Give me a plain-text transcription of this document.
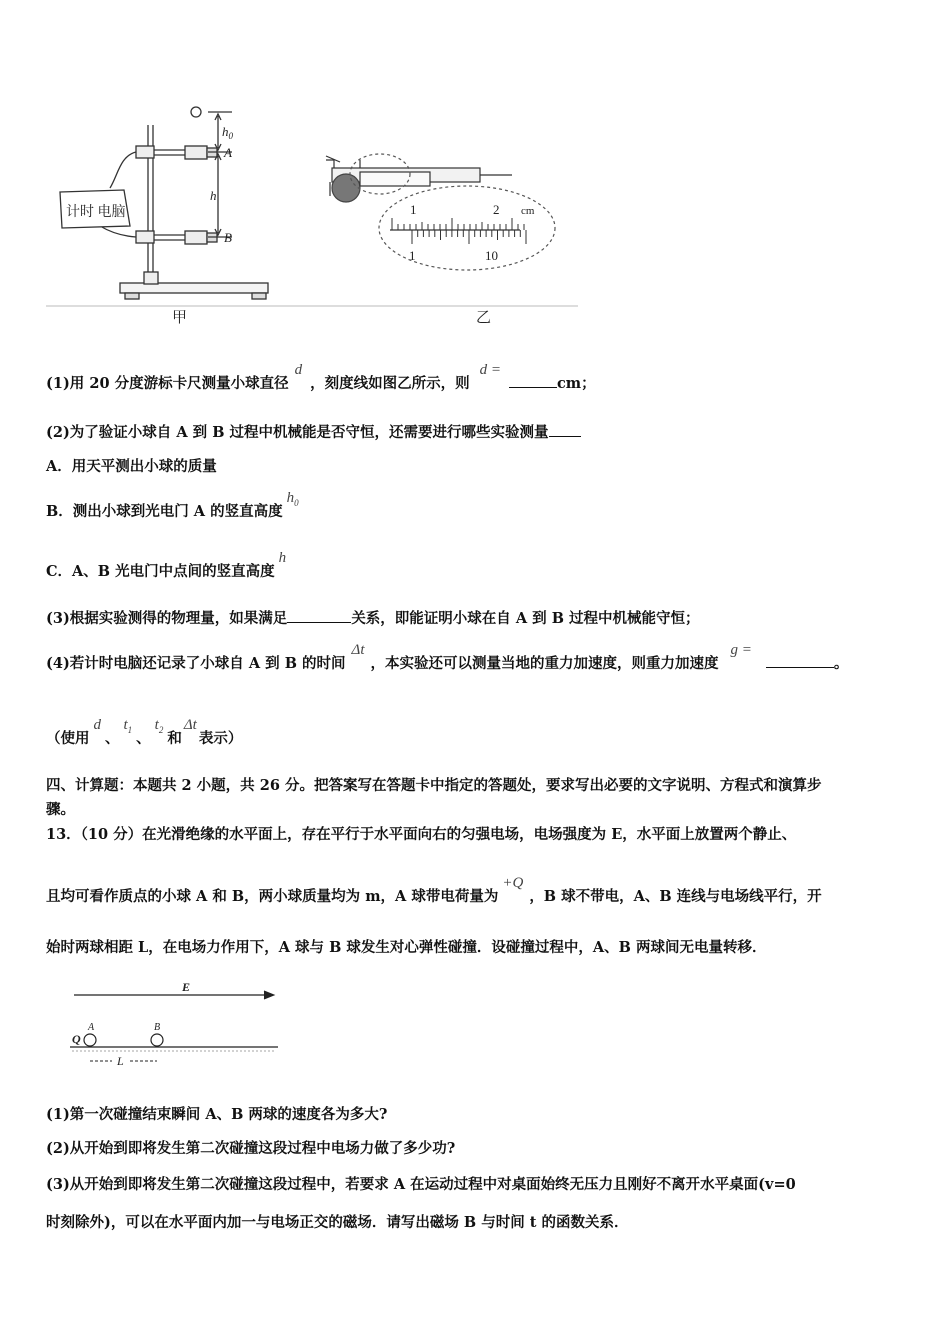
计时 电脑
$h_0$
h
A
B
1	2 cm
1	10
甲	乙
(1)用 20 分度游标卡尺测量小球直径d，刻度线如图乙所示，则d =cm；
(2)为了验证小球自 A 到 B 过程中机械能是否守恒，还需要进行哪些实验测量
A．用天平测出小球的质量
B．测出小球到光电门 A 的竖直高度$h_0$
C．A、B 光电门中点间的竖直高度h
(3)根据实验测得的物理量，如果满足	关系，即能证明小球在自 A 到 B 过程中机械能守恒；
(4)若计时电脑还记录了小球自 A 到 B 的时间Δt，本实验还可以测量当地的重力加速度，则重力加速度g =。
（使用d、$t_1$ 、$t_2$ 和Δt表示）
四、计算题：本题共 2 小题，共 26 分。把答案写在答题卡中指定的答题处，要求写出必要的文字说明、方程式和演算步
骤。
13．（10 分）在光滑绝缘的水平面上，存在平行于水平面向右的匀强电场，电场强度为 E，水平面上放置两个静止、
且均可看作质点的小球 A 和 B，两小球质量均为 m，A 球带电荷量为+Q，B 球不带电，A、B 连线与电场线平行，开
始时两球相距 L，在电场力作用下，A 球与 B 球发生对心弹性碰撞．设碰撞过程中，A、B 两球间无电量转移．
E
Q
A	B
L
(1)第一次碰撞结束瞬间 A、B 两球的速度各为多大?
(2)从开始到即将发生第二次碰撞这段过程中电场力做了多少功?
(3)从开始到即将发生第二次碰撞这段过程中，若要求 A 在运动过程中对桌面始终无压力且刚好不离开水平桌面(v=0
时刻除外)，可以在水平面内加一与电场正交的磁场．请写出磁场 B 与时间 t 的函数关系．
